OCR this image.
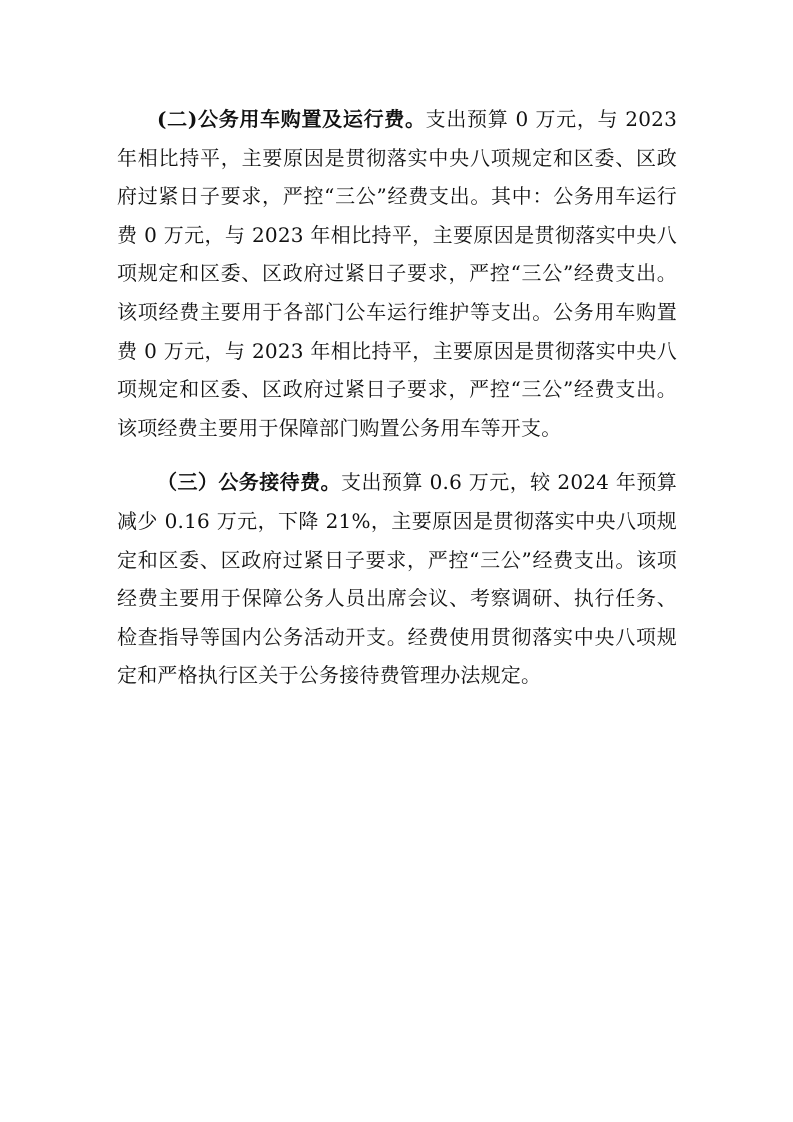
(二)公务用车购置及运行费。支出预算 0 万元，与 2023 年相比持平，主要原因是贯彻落实中央八项规定和区委、区政府过紧日子要求，严控“三公”经费支出。其中：公务用车运行费 0 万元，与 2023 年相比持平，主要原因是贯彻落实中央八项规定和区委、区政府过紧日子要求，严控“三公”经费支出。该项经费主要用于各部门公车运行维护等支出。公务用车购置费 0 万元，与 2023 年相比持平，主要原因是贯彻落实中央八项规定和区委、区政府过紧日子要求，严控“三公”经费支出。该项经费主要用于保障部门购置公务用车等开支。

（三）公务接待费。支出预算 0.6 万元，较 2024 年预算减少 0.16 万元，下降 21%，主要原因是贯彻落实中央八项规定和区委、区政府过紧日子要求，严控“三公”经费支出。该项经费主要用于保障公务人员出席会议、考察调研、执行任务、检查指导等国内公务活动开支。经费使用贯彻落实中央八项规定和严格执行区关于公务接待费管理办法规定。
